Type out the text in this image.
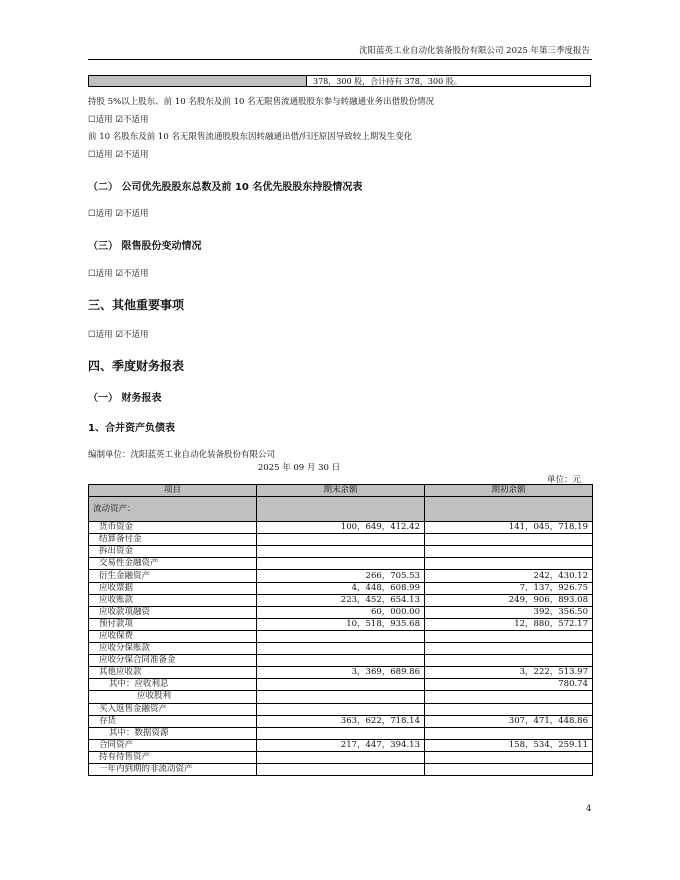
沈阳蓝英工业自动化装备股份有限公司 2025 年第三季度报告
378，300 股，合计持有 378，300 股。
持股 5%以上股东、前 10 名股东及前 10 名无限售流通股股东参与转融通业务出借股份情况
☐适用 ☑不适用
前 10 名股东及前 10 名无限售流通股股东因转融通出借/归还原因导致较上期发生变化
☐适用 ☑不适用
（二） 公司优先股股东总数及前 10 名优先股股东持股情况表
☐适用 ☑不适用
（三） 限售股份变动情况
☐适用 ☑不适用
三、其他重要事项
☐适用 ☑不适用
四、季度财务报表
（一） 财务报表
1、合并资产负债表
编制单位：沈阳蓝英工业自动化装备股份有限公司
2025 年 09 月 30 日
单位：元
项目	期末余额	期初余额
流动资产：		
货币资金	100，649，412.42	141，045，718.19
结算备付金		
拆出资金		
交易性金融资产		
衍生金融资产	266，705.53	242，430.12
应收票据	4，448，608.99	7，137，926.75
应收账款	223，452，654.13	249，906，893.08
应收款项融资	60，000.00	392，356.50
预付款项	10，518，935.68	12，880，572.17
应收保费		
应收分保账款		
应收分保合同准备金		
其他应收款	3，369，689.86	3，222，513.97
其中：应收利息		780.74
应收股利		
买入返售金融资产		
存货	363，622，718.14	307，471，448.86
其中：数据资源		
合同资产	217，447，394.13	158，534，259.11
持有待售资产		
一年内到期的非流动资产		
4
